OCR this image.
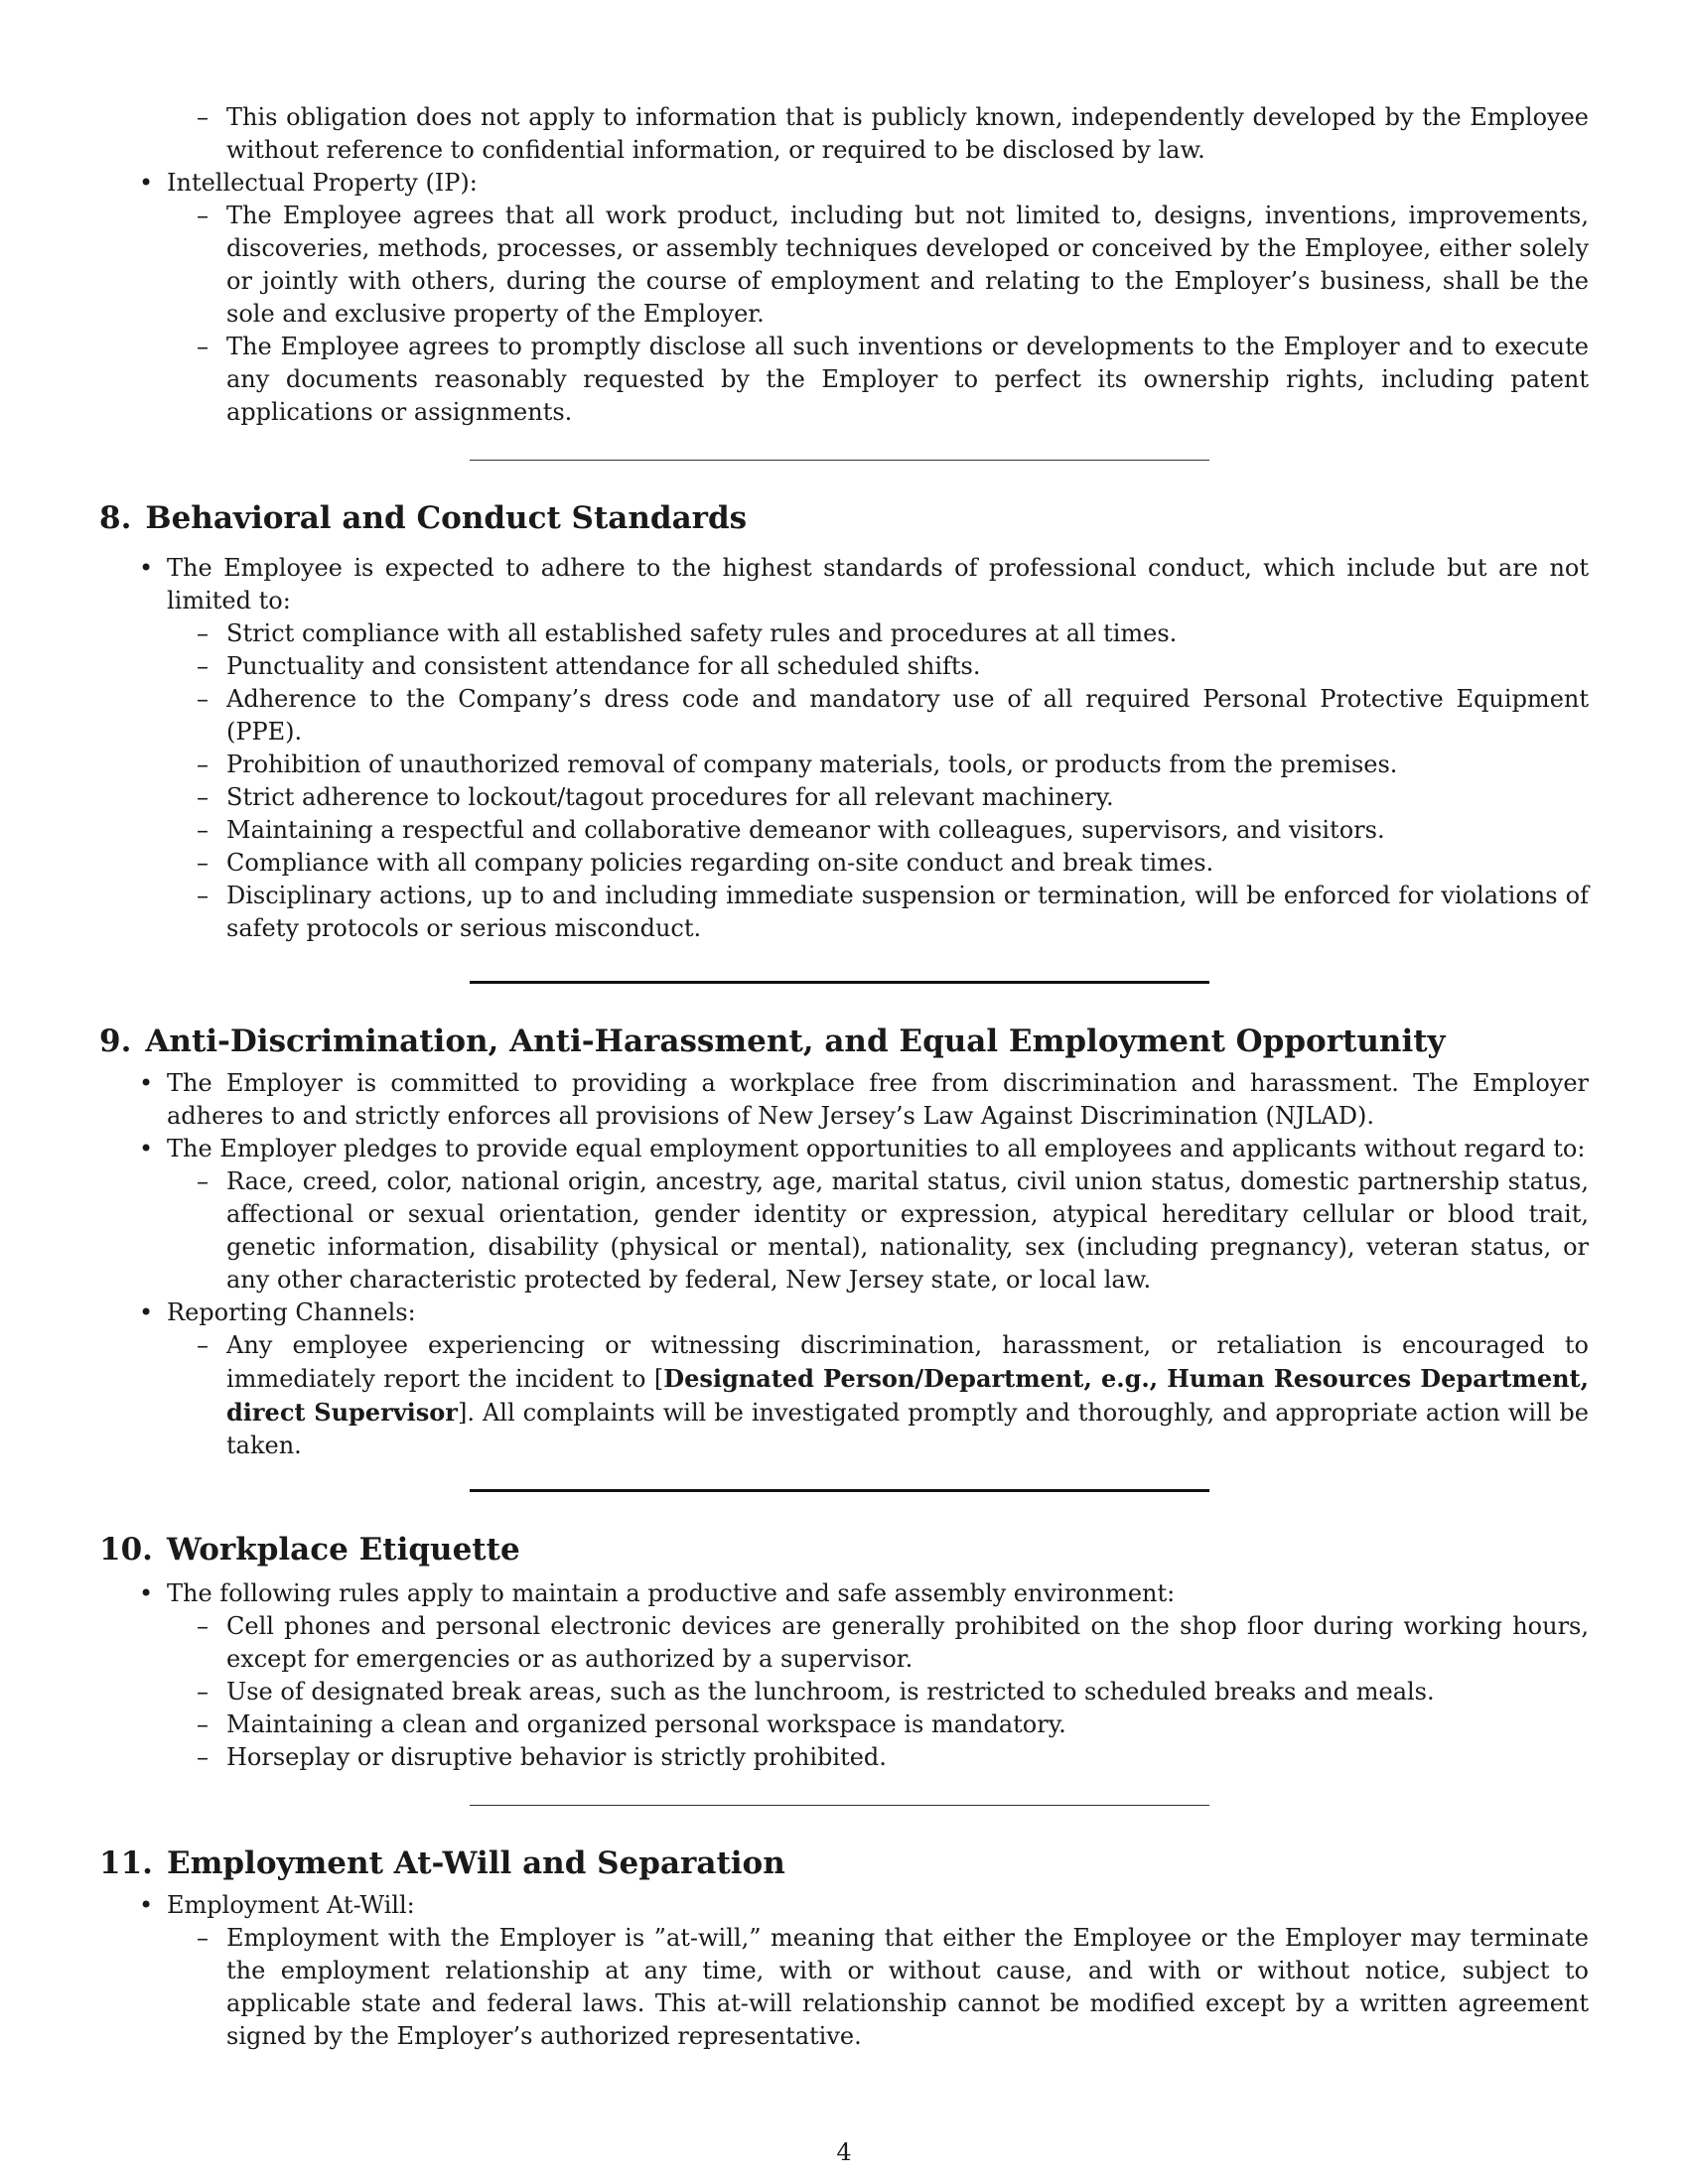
– This obligation does not apply to information that is publicly known, independently developed by the Employee without reference to confidential information, or required to be disclosed by law.
• Intellectual Property (IP):
– The Employee agrees that all work product, including but not limited to, designs, inventions, improvements, discoveries, methods, processes, or assembly techniques developed or conceived by the Employee, either solely or jointly with others, during the course of employment and relating to the Employer’s business, shall be the sole and exclusive property of the Employer.
– The Employee agrees to promptly disclose all such inventions or developments to the Employer and to execute any documents reasonably requested by the Employer to perfect its ownership rights, including patent applications or assignments.
8. Behavioral and Conduct Standards
• The Employee is expected to adhere to the highest standards of professional conduct, which include but are not limited to:
– Strict compliance with all established safety rules and procedures at all times.
– Punctuality and consistent attendance for all scheduled shifts.
– Adherence to the Company’s dress code and mandatory use of all required Personal Protective Equipment (PPE).
– Prohibition of unauthorized removal of company materials, tools, or products from the premises.
– Strict adherence to lockout/tagout procedures for all relevant machinery.
– Maintaining a respectful and collaborative demeanor with colleagues, supervisors, and visitors.
– Compliance with all company policies regarding on-site conduct and break times.
– Disciplinary actions, up to and including immediate suspension or termination, will be enforced for violations of safety protocols or serious misconduct.
9. Anti-Discrimination, Anti-Harassment, and Equal Employment Opportunity
• The Employer is committed to providing a workplace free from discrimination and harassment. The Employer adheres to and strictly enforces all provisions of New Jersey’s Law Against Discrimination (NJLAD).
• The Employer pledges to provide equal employment opportunities to all employees and applicants without regard to:
– Race, creed, color, national origin, ancestry, age, marital status, civil union status, domestic partnership status, affectional or sexual orientation, gender identity or expression, atypical hereditary cellular or blood trait, genetic information, disability (physical or mental), nationality, sex (including pregnancy), veteran status, or any other characteristic protected by federal, New Jersey state, or local law.
• Reporting Channels:
– Any employee experiencing or witnessing discrimination, harassment, or retaliation is encouraged to immediately report the incident to [Designated Person/Department, e.g., Human Resources Department, direct Supervisor]. All complaints will be investigated promptly and thoroughly, and appropriate action will be taken.
10. Workplace Etiquette
• The following rules apply to maintain a productive and safe assembly environment:
– Cell phones and personal electronic devices are generally prohibited on the shop floor during working hours, except for emergencies or as authorized by a supervisor.
– Use of designated break areas, such as the lunchroom, is restricted to scheduled breaks and meals.
– Maintaining a clean and organized personal workspace is mandatory.
– Horseplay or disruptive behavior is strictly prohibited.
11. Employment At-Will and Separation
• Employment At-Will:
– Employment with the Employer is ”at-will,” meaning that either the Employee or the Employer may terminate the employment relationship at any time, with or without cause, and with or without notice, subject to applicable state and federal laws. This at-will relationship cannot be modified except by a written agreement signed by the Employer’s authorized representative.
4
